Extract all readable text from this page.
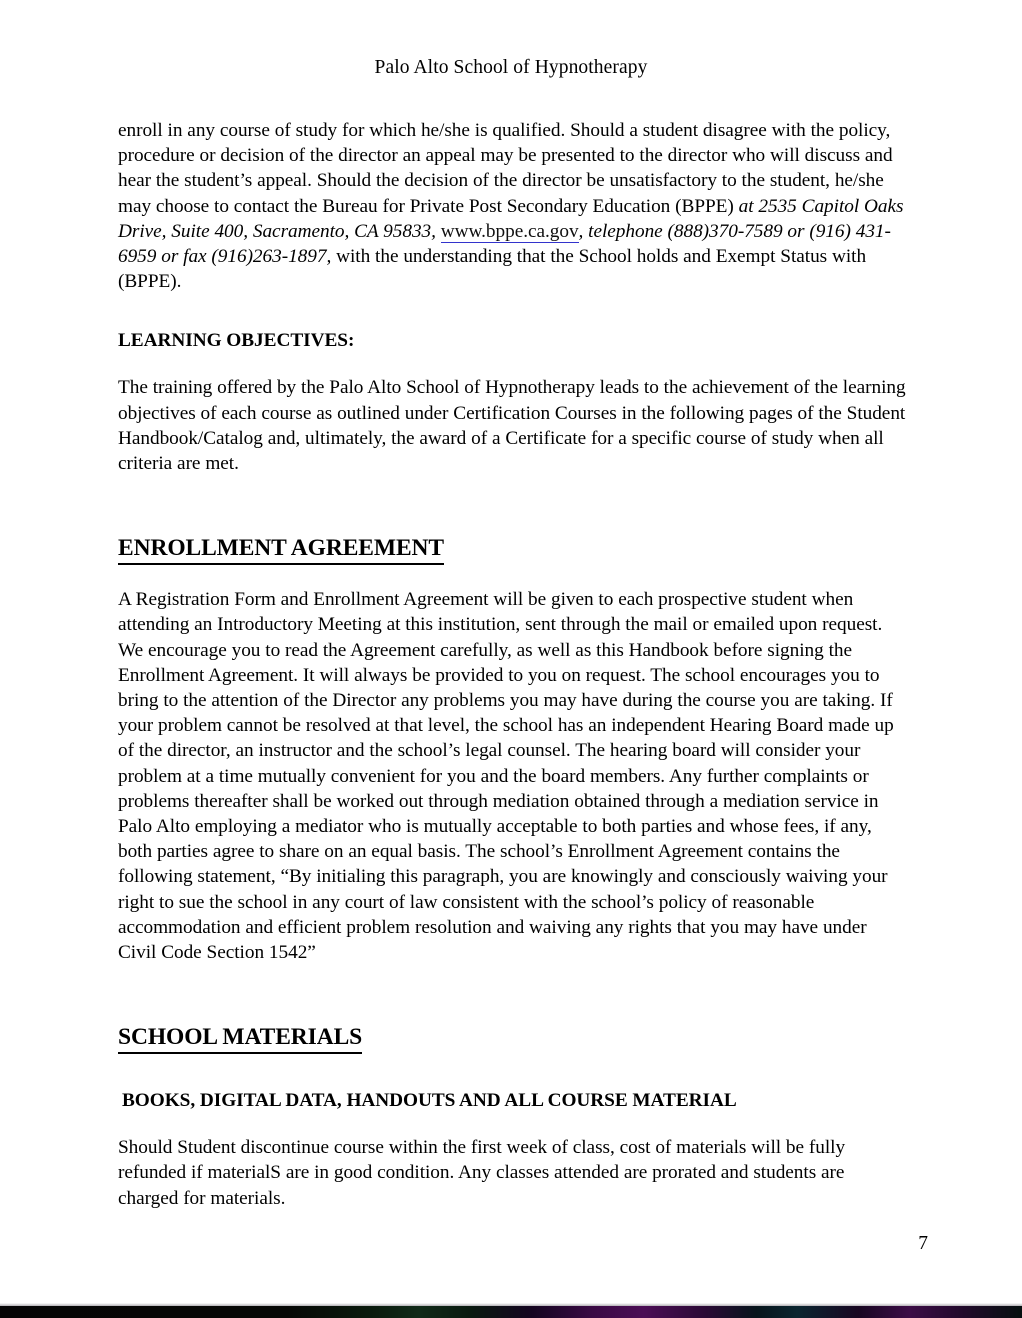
Palo Alto School of Hypnotherapy

enroll in any course of study for which he/she is qualified. Should a student disagree with the policy, procedure or decision of the director an appeal may be presented to the director who will discuss and hear the student’s appeal. Should the decision of the director be unsatisfactory to the student, he/she may choose to contact the Bureau for Private Post Secondary Education (BPPE) at 2535 Capitol Oaks Drive, Suite 400, Sacramento, CA 95833, www.bppe.ca.gov, telephone (888)370-7589 or (916) 431-6959 or fax (916)263-1897, with the understanding that the School holds and Exempt Status with (BPPE).

LEARNING OBJECTIVES:

The training offered by the Palo Alto School of Hypnotherapy leads to the achievement of the learning objectives of each course as outlined under Certification Courses in the following pages of the Student Handbook/Catalog and, ultimately, the award of a Certificate for a specific course of study when all criteria are met.

ENROLLMENT AGREEMENT

A Registration Form and Enrollment Agreement will be given to each prospective student when attending an Introductory Meeting at this institution, sent through the mail or emailed upon request. We encourage you to read the Agreement carefully, as well as this Handbook before signing the Enrollment Agreement. It will always be provided to you on request. The school encourages you to bring to the attention of the Director any problems you may have during the course you are taking. If your problem cannot be resolved at that level, the school has an independent Hearing Board made up of the director, an instructor and the school’s legal counsel. The hearing board will consider your problem at a time mutually convenient for you and the board members. Any further complaints or problems thereafter shall be worked out through mediation obtained through a mediation service in Palo Alto employing a mediator who is mutually acceptable to both parties and whose fees, if any, both parties agree to share on an equal basis. The school’s Enrollment Agreement contains the following statement, “By initialing this paragraph, you are knowingly and consciously waiving your right to sue the school in any court of law consistent with the school’s policy of reasonable accommodation and efficient problem resolution and waiving any rights that you may have under Civil Code Section 1542”

SCHOOL MATERIALS
BOOKS, DIGITAL DATA, HANDOUTS AND ALL COURSE MATERIAL

Should Student discontinue course within the first week of class, cost of materials will be fully refunded if materialS are in good condition. Any classes attended are prorated and students are charged for materials.

7
